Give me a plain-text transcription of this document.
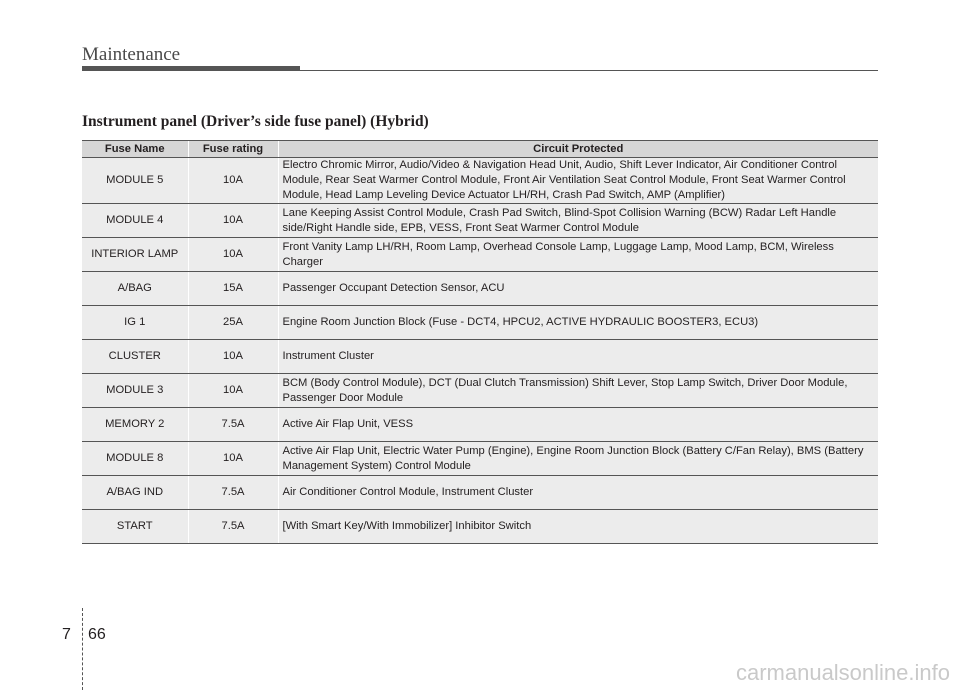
Maintenance
Instrument panel (Driver’s side fuse panel) (Hybrid)
Fuse Name	Fuse rating	Circuit Protected
MODULE 5	10A	Electro Chromic Mirror, Audio/Video & Navigation Head Unit, Audio, Shift Lever Indicator, Air Conditioner Control Module, Rear Seat Warmer Control Module, Front Air Ventilation Seat Control Module, Front Seat Warmer Control Module, Head Lamp Leveling Device Actuator LH/RH, Crash Pad Switch, AMP (Amplifier)
MODULE 4	10A	Lane Keeping Assist Control Module, Crash Pad Switch, Blind-Spot Collision Warning (BCW) Radar Left Handle side/Right Handle side, EPB, VESS, Front Seat Warmer Control Module
INTERIOR LAMP	10A	Front Vanity Lamp LH/RH, Room Lamp, Overhead Console Lamp, Luggage Lamp, Mood Lamp, BCM, Wireless Charger
A/BAG	15A	Passenger Occupant Detection Sensor, ACU
IG 1	25A	Engine Room Junction Block (Fuse - DCT4, HPCU2, ACTIVE HYDRAULIC BOOSTER3, ECU3)
CLUSTER	10A	Instrument Cluster
MODULE 3	10A	BCM (Body Control Module), DCT (Dual Clutch Transmission) Shift Lever, Stop Lamp Switch, Driver Door Module, Passenger Door Module
MEMORY 2	7.5A	Active Air Flap Unit, VESS
MODULE 8	10A	Active Air Flap Unit, Electric Water Pump (Engine), Engine Room Junction Block (Battery C/Fan Relay), BMS (Battery Management System) Control Module
A/BAG IND	7.5A	Air Conditioner Control Module, Instrument Cluster
START	7.5A	[With Smart Key/With Immobilizer] Inhibitor Switch
7 66
carmanualsonline.info
